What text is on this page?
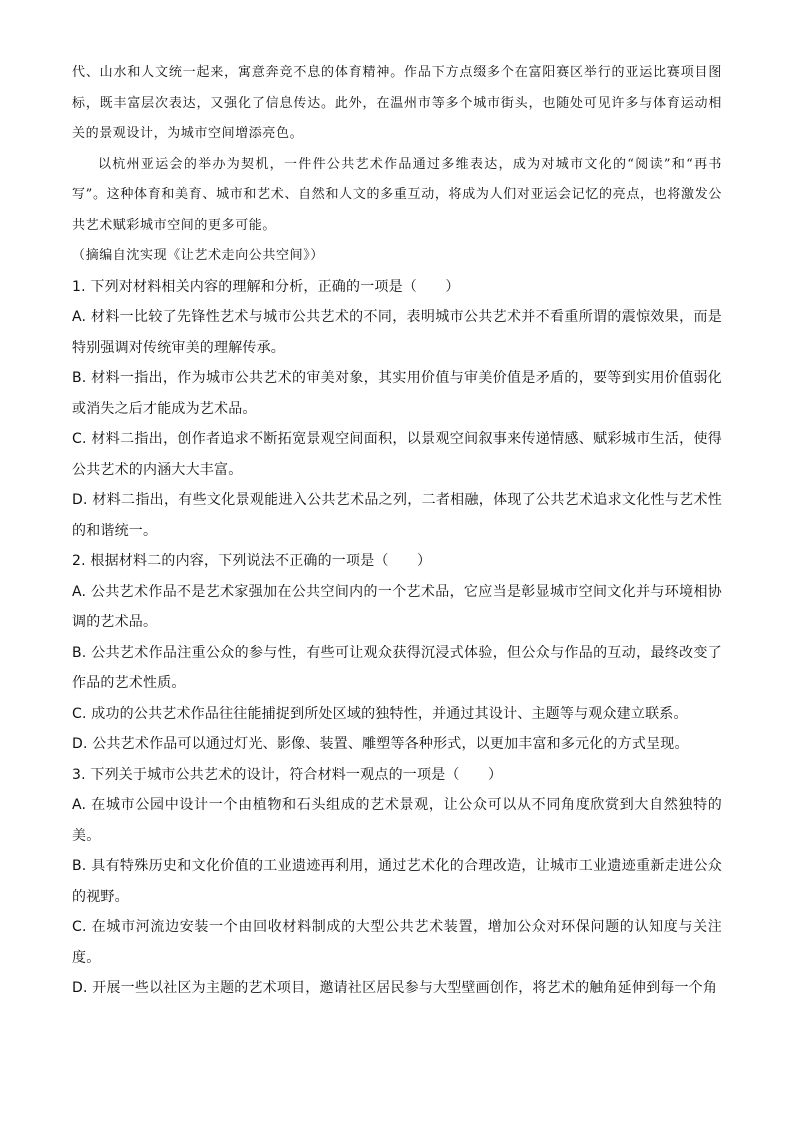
代、山水和人文统一起来，寓意奔竞不息的体育精神。作品下方点缀多个在富阳赛区举行的亚运比赛项目图标，既丰富层次表达，又强化了信息传达。此外，在温州市等多个城市街头，也随处可见许多与体育运动相关的景观设计，为城市空间增添亮色。

以杭州亚运会的举办为契机，一件件公共艺术作品通过多维表达，成为对城市文化的“阅读”和“再书写”。这种体育和美育、城市和艺术、自然和人文的多重互动，将成为人们对亚运会记忆的亮点，也将激发公共艺术赋彩城市空间的更多可能。

（摘编自沈实现《让艺术走向公共空间》）

1. 下列对材料相关内容的理解和分析，正确的一项是（　　）

A. 材料一比较了先锋性艺术与城市公共艺术的不同，表明城市公共艺术并不看重所谓的震惊效果，而是特别强调对传统审美的理解传承。

B. 材料一指出，作为城市公共艺术的审美对象，其实用价值与审美价值是矛盾的，要等到实用价值弱化或消失之后才能成为艺术品。

C. 材料二指出，创作者追求不断拓宽景观空间面积，以景观空间叙事来传递情感、赋彩城市生活，使得公共艺术的内涵大大丰富。

D. 材料二指出，有些文化景观能进入公共艺术品之列，二者相融，体现了公共艺术追求文化性与艺术性的和谐统一。

2. 根据材料二的内容，下列说法不正确的一项是（　　）

A. 公共艺术作品不是艺术家强加在公共空间内的一个艺术品，它应当是彰显城市空间文化并与环境相协调的艺术品。

B. 公共艺术作品注重公众的参与性，有些可让观众获得沉浸式体验，但公众与作品的互动，最终改变了作品的艺术性质。

C. 成功的公共艺术作品往往能捕捉到所处区域的独特性，并通过其设计、主题等与观众建立联系。

D. 公共艺术作品可以通过灯光、影像、装置、雕塑等各种形式，以更加丰富和多元化的方式呈现。

3. 下列关于城市公共艺术的设计，符合材料一观点的一项是（　　）

A. 在城市公园中设计一个由植物和石头组成的艺术景观，让公众可以从不同角度欣赏到大自然独特的美。

B. 具有特殊历史和文化价值的工业遗迹再利用，通过艺术化的合理改造，让城市工业遗迹重新走进公众的视野。

C. 在城市河流边安装一个由回收材料制成的大型公共艺术装置，增加公众对环保问题的认知度与关注度。

D. 开展一些以社区为主题的艺术项目，邀请社区居民参与大型壁画创作，将艺术的触角延伸到每一个角
